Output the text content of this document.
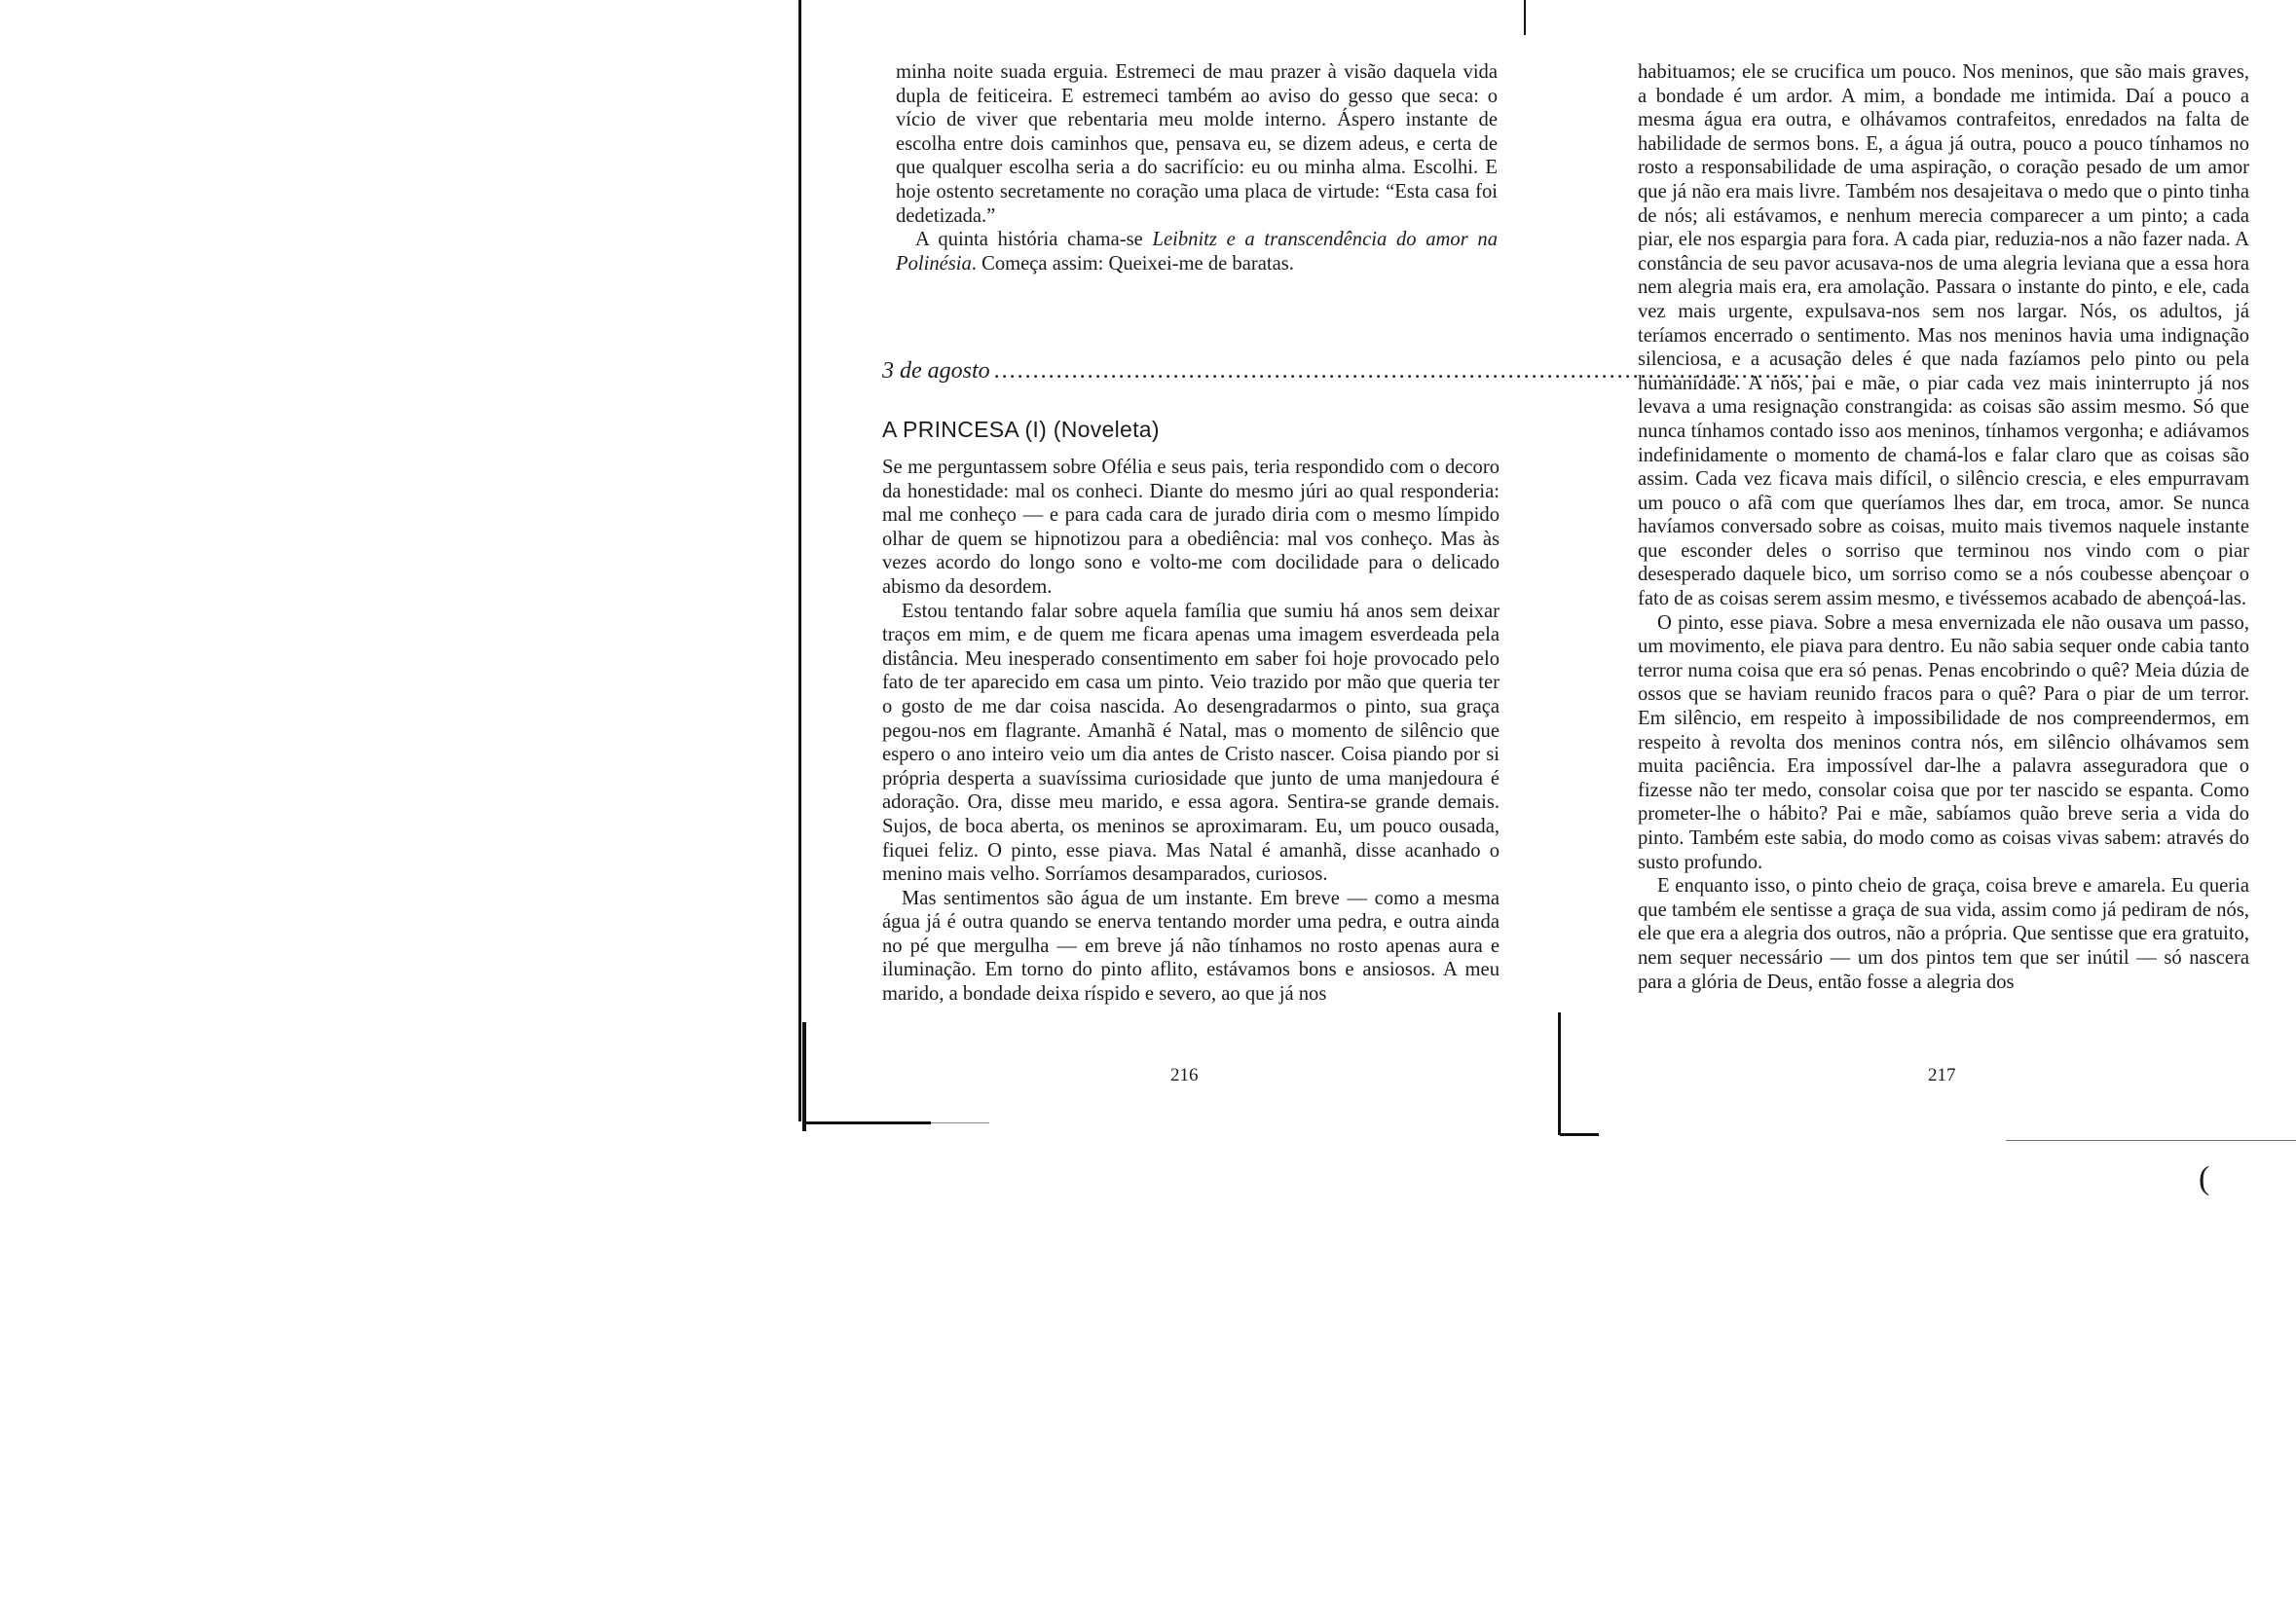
minha noite suada erguia. Estremeci de mau prazer à visão daquela vida dupla de feiticeira. E estremeci também ao aviso do gesso que seca: o vício de viver que rebentaria meu molde interno. Áspero instante de escolha entre dois caminhos que, pensava eu, se dizem adeus, e certa de que qualquer escolha seria a do sacrifício: eu ou minha alma. Escolhi. E hoje ostento secretamente no coração uma placa de virtude: “Esta casa foi dedetizada.”

A quinta história chama-se Leibnitz e a transcendência do amor na Polinésia. Começa assim: Queixei-me de baratas.

3 de agosto ..........................................................................................................
A PRINCESA (I) (Noveleta)

Se me perguntassem sobre Ofélia e seus pais, teria respondido com o decoro da honestidade: mal os conheci. Diante do mesmo júri ao qual responderia: mal me conheço — e para cada cara de jurado diria com o mesmo límpido olhar de quem se hipnotizou para a obediência: mal vos conheço. Mas às vezes acordo do longo sono e volto-me com docilidade para o delicado abismo da desordem.

Estou tentando falar sobre aquela família que sumiu há anos sem deixar traços em mim, e de quem me ficara apenas uma imagem esverdeada pela distância. Meu inesperado consentimento em saber foi hoje provocado pelo fato de ter aparecido em casa um pinto. Veio trazido por mão que queria ter o gosto de me dar coisa nascida. Ao desengradarmos o pinto, sua graça pegou-nos em flagrante. Amanhã é Natal, mas o momento de silêncio que espero o ano inteiro veio um dia antes de Cristo nascer. Coisa piando por si própria desperta a suavíssima curiosidade que junto de uma manjedoura é adoração. Ora, disse meu marido, e essa agora. Sentira-se grande demais. Sujos, de boca aberta, os meninos se aproximaram. Eu, um pouco ousada, fiquei feliz. O pinto, esse piava. Mas Natal é amanhã, disse acanhado o menino mais velho. Sorríamos desamparados, curiosos.

Mas sentimentos são água de um instante. Em breve — como a mesma água já é outra quando se enerva tentando morder uma pedra, e outra ainda no pé que mergulha — em breve já não tínhamos no rosto apenas aura e iluminação. Em torno do pinto aflito, estávamos bons e ansiosos. A meu marido, a bondade deixa ríspido e severo, ao que já nos

216

habituamos; ele se crucifica um pouco. Nos meninos, que são mais graves, a bondade é um ardor. A mim, a bondade me intimida. Daí a pouco a mesma água era outra, e olhávamos contrafeitos, enredados na falta de habilidade de sermos bons. E, a água já outra, pouco a pouco tínhamos no rosto a responsabilidade de uma aspiração, o coração pesado de um amor que já não era mais livre. Também nos desajeitava o medo que o pinto tinha de nós; ali estávamos, e nenhum merecia comparecer a um pinto; a cada piar, ele nos espargia para fora. A cada piar, reduzia-nos a não fazer nada. A constância de seu pavor acusava-nos de uma alegria leviana que a essa hora nem alegria mais era, era amolação. Passara o instante do pinto, e ele, cada vez mais urgente, expulsava-nos sem nos largar. Nós, os adultos, já teríamos encerrado o sentimento. Mas nos meninos havia uma indignação silenciosa, e a acusação deles é que nada fazíamos pelo pinto ou pela humanidade. A nós, pai e mãe, o piar cada vez mais ininterrupto já nos levava a uma resignação constrangida: as coisas são assim mesmo. Só que nunca tínhamos contado isso aos meninos, tínhamos vergonha; e adiávamos indefinidamente o momento de chamá-los e falar claro que as coisas são assim. Cada vez ficava mais difícil, o silêncio crescia, e eles empurravam um pouco o afã com que queríamos lhes dar, em troca, amor. Se nunca havíamos conversado sobre as coisas, muito mais tivemos naquele instante que esconder deles o sorriso que terminou nos vindo com o piar desesperado daquele bico, um sorriso como se a nós coubesse abençoar o fato de as coisas serem assim mesmo, e tivéssemos acabado de abençoá-las.

O pinto, esse piava. Sobre a mesa envernizada ele não ousava um passo, um movimento, ele piava para dentro. Eu não sabia sequer onde cabia tanto terror numa coisa que era só penas. Penas encobrindo o quê? Meia dúzia de ossos que se haviam reunido fracos para o quê? Para o piar de um terror. Em silêncio, em respeito à impossibilidade de nos compreendermos, em respeito à revolta dos meninos contra nós, em silêncio olhávamos sem muita paciência. Era impossível dar-lhe a palavra asseguradora que o fizesse não ter medo, consolar coisa que por ter nascido se espanta. Como prometer-lhe o hábito? Pai e mãe, sabíamos quão breve seria a vida do pinto. Também este sabia, do modo como as coisas vivas sabem: através do susto profundo.

E enquanto isso, o pinto cheio de graça, coisa breve e amarela. Eu queria que também ele sentisse a graça de sua vida, assim como já pediram de nós, ele que era a alegria dos outros, não a própria. Que sentisse que era gratuito, nem sequer necessário — um dos pintos tem que ser inútil — só nascera para a glória de Deus, então fosse a alegria dos

217
(
